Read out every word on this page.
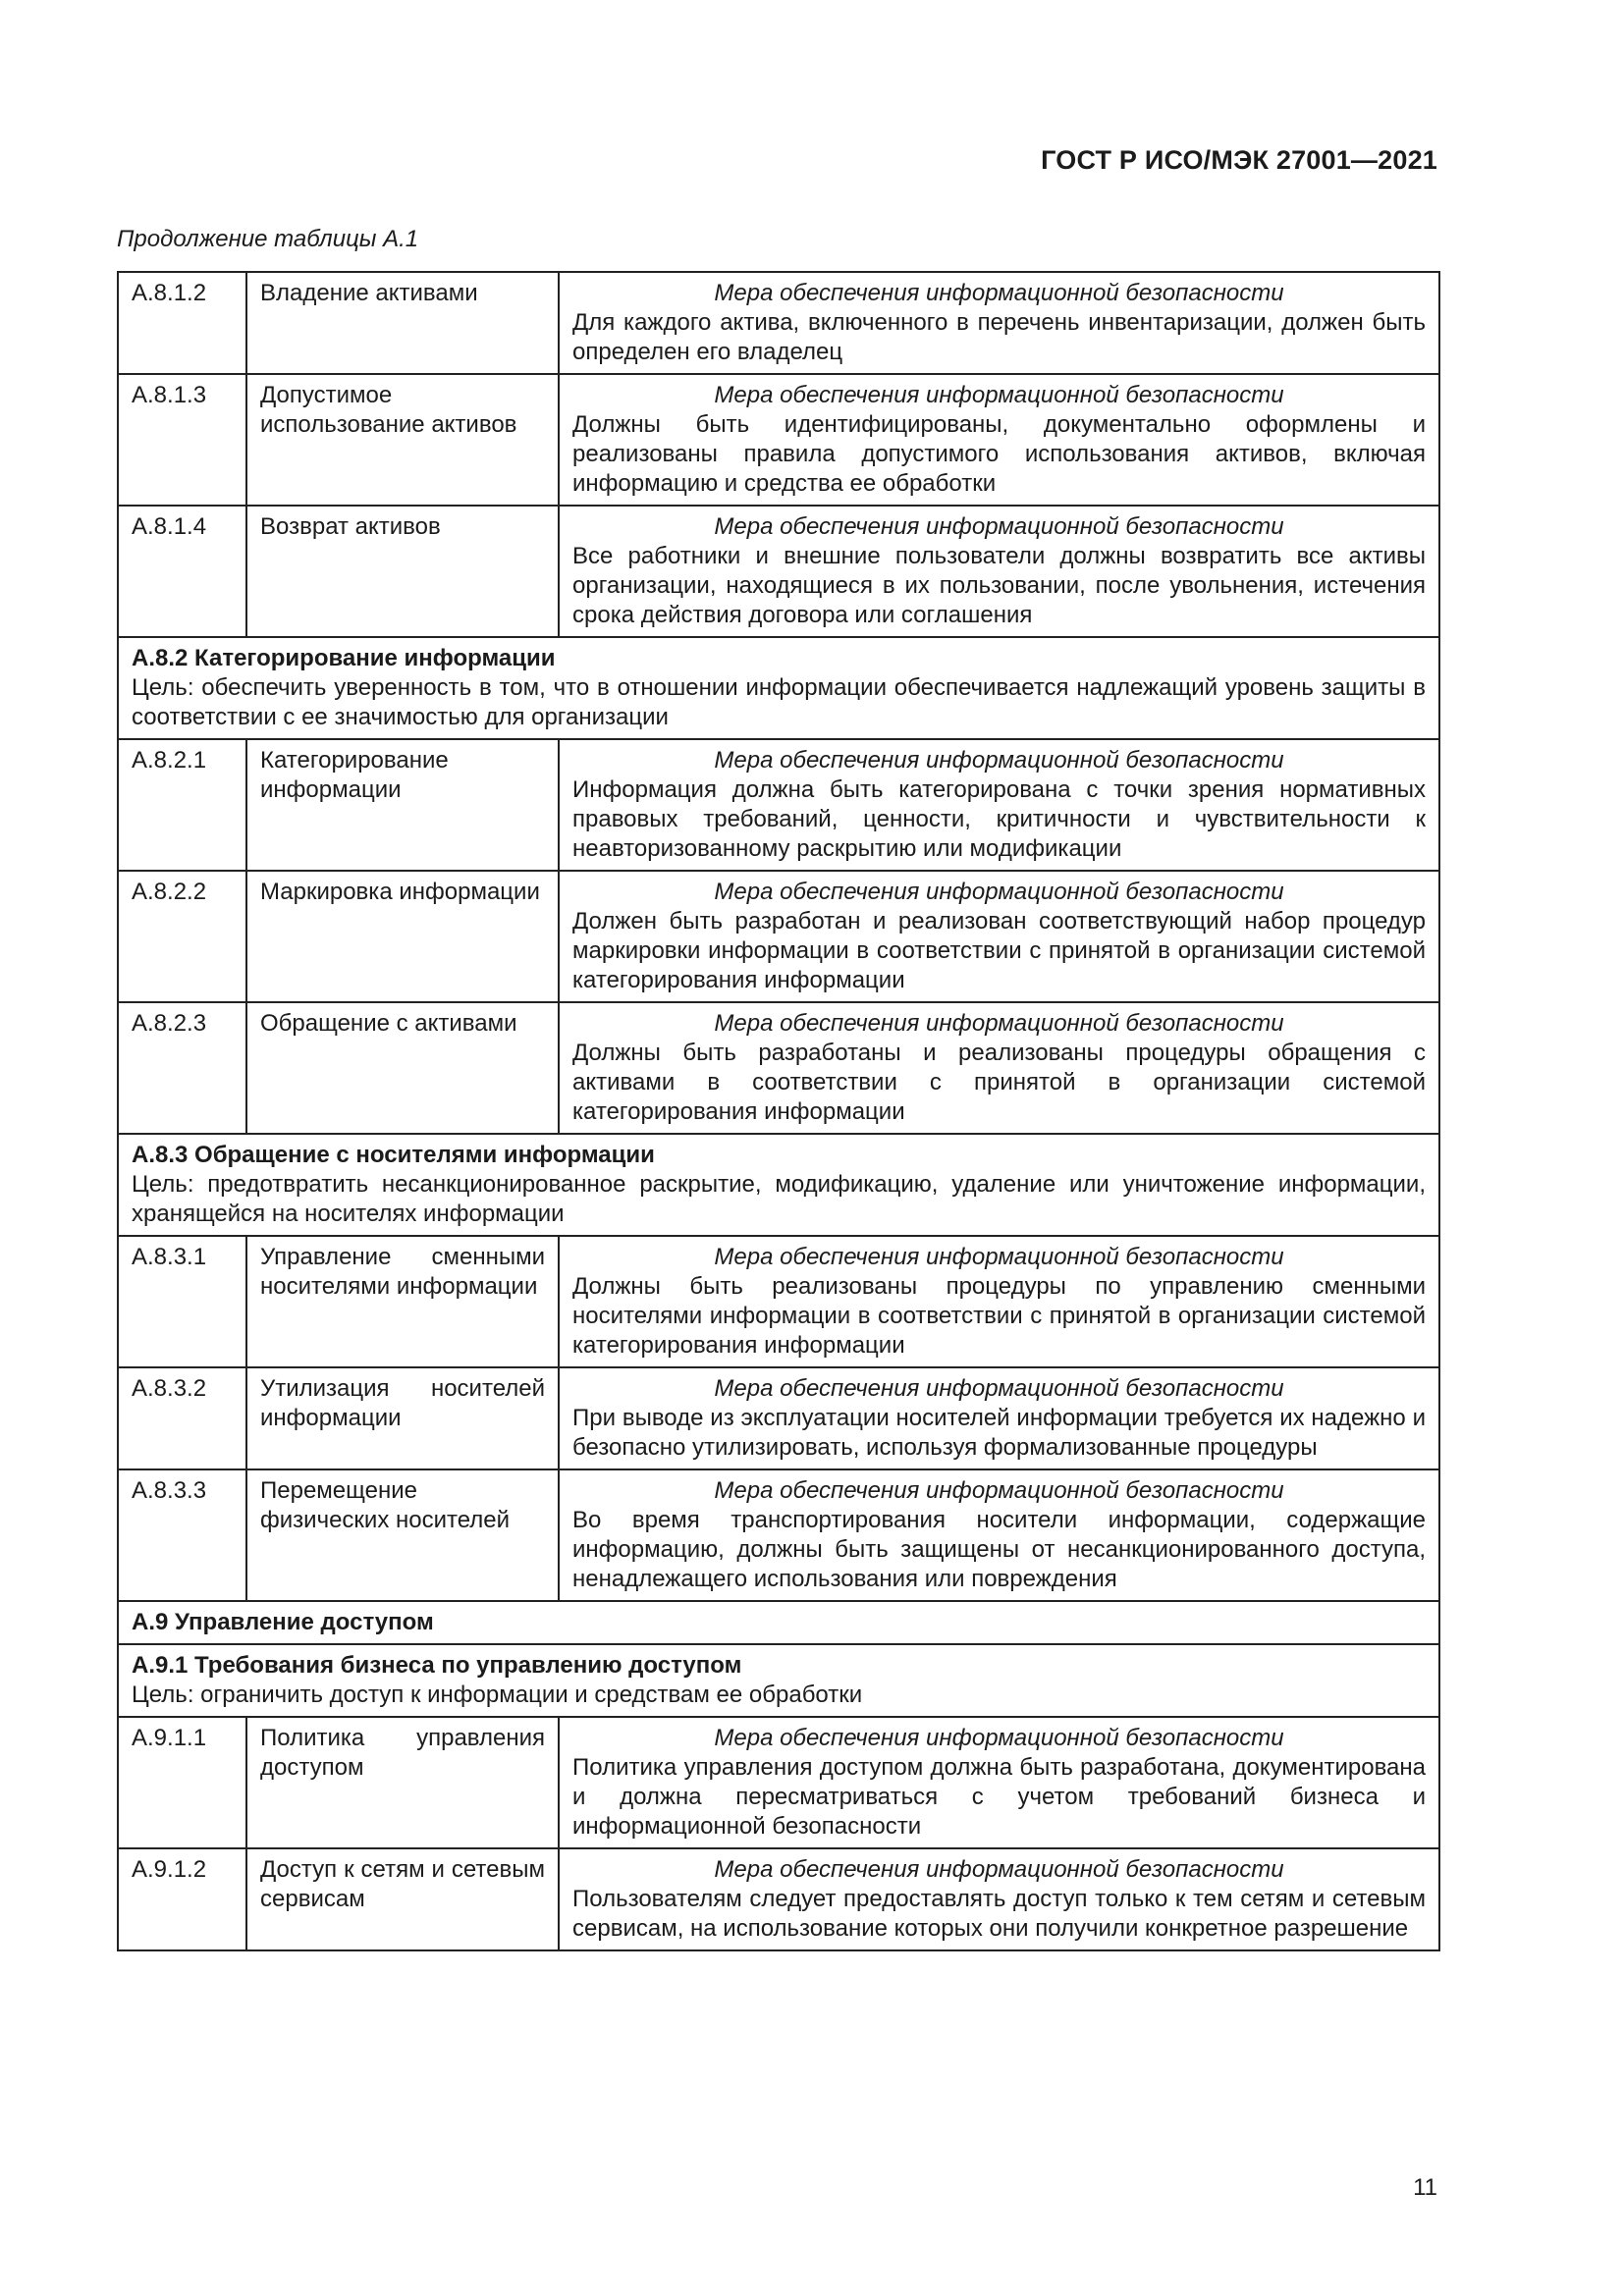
ГОСТ Р ИСО/МЭК 27001—2021
Продолжение таблицы А.1
A.8.1.2	Владение активами	Мера обеспечения информационной безопасности
Для каждого актива, включенного в перечень инвентаризации, должен быть определен его владелец

A.8.1.3	Допустимое использование активов	Мера обеспечения информационной безопасности
Должны быть идентифицированы, документально оформлены и реализованы правила допустимого использования активов, включая информацию и средства ее обработки

A.8.1.4	Возврат активов	Мера обеспечения информационной безопасности
Все работники и внешние пользователи должны возвратить все активы организации, находящиеся в их пользовании, после увольнения, истечения срока действия договора или соглашения

A.8.2 Категорирование информации
Цель: обеспечить уверенность в том, что в отношении информации обеспечивается надлежащий уровень защиты в соответствии с ее значимостью для организации		

A.8.2.1	Категорирование информации	Мера обеспечения информационной безопасности
Информация должна быть категорирована с точки зрения нормативных правовых требований, ценности, критичности и чувствительности к неавторизованному раскрытию или модификации

A.8.2.2	Маркировка информации	Мера обеспечения информационной безопасности
Должен быть разработан и реализован соответствующий набор процедур маркировки информации в соответствии с принятой в организации системой категорирования информации

A.8.2.3	Обращение с активами	Мера обеспечения информационной безопасности
Должны быть разработаны и реализованы процедуры обращения с активами в соответствии с принятой в организации системой категорирования информации

A.8.3 Обращение с носителями информации
Цель: предотвратить несанкционированное раскрытие, модификацию, удаление или уничтожение информации, хранящейся на носителях информации		

A.8.3.1	Управление сменными носителями информации	Мера обеспечения информационной безопасности
Должны быть реализованы процедуры по управлению сменными носителями информации в соответствии с принятой в организации системой категорирования информации

A.8.3.2	Утилизация носителей информации	Мера обеспечения информационной безопасности
При выводе из эксплуатации носителей информации требуется их надежно и безопасно утилизировать, используя формализованные процедуры

A.8.3.3	Перемещение физических носителей	Мера обеспечения информационной безопасности
Во время транспортирования носители информации, содержащие информацию, должны быть защищены от несанкционированного доступа, ненадлежащего использования или повреждения

A.9 Управление доступом		

A.9.1 Требования бизнеса по управлению доступом
Цель: ограничить доступ к информации и средствам ее обработки		

A.9.1.1	Политика управления доступом	Мера обеспечения информационной безопасности
Политика управления доступом должна быть разработана, документирована и должна пересматриваться с учетом требований бизнеса и информационной безопасности

A.9.1.2	Доступ к сетям и сетевым сервисам	Мера обеспечения информационной безопасности
Пользователям следует предоставлять доступ только к тем сетям и сетевым сервисам, на использование которых они получили конкретное разрешение
11
